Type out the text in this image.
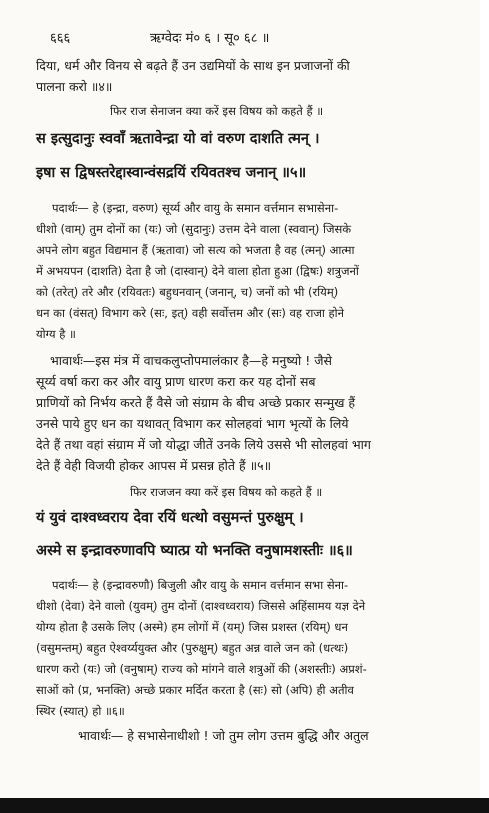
६६६	ऋग्वेदः मं० ६ । सू० ६८ ॥
दिया, धर्म और विनय से बढ़ते हैं उन उद्यमियों के साथ इन प्रजाजनों की
पालना करो ॥४॥
फिर राज सेनाजन क्या करें इस विषय को कहते हैं ॥
स इत्सुदानुः स्ववाँ ऋतावेन्द्रा यो वां वरुण दाशति त्मन् ।
इषा स द्विषस्तरेद्दास्वान्वंसद्रयिं रयिवतश्च जनान् ॥५॥
पदार्थः— हे (इन्द्रा, वरुण) सूर्य्य और वायु के समान वर्त्तमान सभासेना-
धीशो (वाम्) तुम दोनों का (यः) जो (सुदानुः) उत्तम देने वाला (स्ववान्) जिसके
अपने लोग बहुत विद्यमान हैं (ऋतावा) जो सत्य को भजता है वह (त्मन्) आत्मा
में अभयपन (दाशति) देता है जो (दास्वान्) देने वाला होता हुआ (द्विषः) शत्रुजनों
को (तरेत्) तरे और (रयिवतः) बहुधनवान् (जनान्, च) जनों को भी (रयिम्)
धन का (वंसत्) विभाग करे (सः, इत्) वही सर्वोत्तम और (सः) वह राजा होने
योग्य है ॥
भावार्थः—इस मंत्र में वाचकलुप्तोपमालंकार है—हे मनुष्यो ! जैसे
सूर्य्य वर्षा करा कर और वायु प्राण धारण करा कर यह दोनों सब
प्राणियों को निर्भय करते हैं वैसे जो संग्राम के बीच अच्छे प्रकार सन्मुख हैं
उनसे पाये हुए धन का यथावत् विभाग कर सोलहवां भाग भृत्यों के लिये
देते हैं तथा वहां संग्राम में जो योद्धा जीतें उनके लिये उससे भी सोलहवां भाग
देते हैं वेही विजयी होकर आपस में प्रसन्न होते हैं ॥५॥
फिर राजजन क्या करें इस विषय को कहते हैं ॥
यं युवं दाश्वध्वराय देवा रयिं धत्थो वसुमन्तं पुरुक्षुम् ।
अस्मे स इन्द्रावरुणावपि ष्यात्प्र यो भनक्ति वनुषामशस्तीः ॥६॥
पदार्थः— हे (इन्द्रावरुणौ) बिजुली और वायु के समान वर्त्तमान सभा सेना-
धीशो (देवा) देने वालो (युवम्) तुम दोनों (दाश्वध्वराय) जिससे अहिंसामय यज्ञ देने
योग्य होता है उसके लिए (अस्मे) हम लोगों में (यम्) जिस प्रशस्त (रयिम्) धन
(वसुमन्तम्) बहुत ऐश्वर्य्ययुक्त और (पुरुक्षुम्) बहुत अन्न वाले जन को (धत्थः)
धारण करो (यः) जो (वनुषाम्) राज्य को मांगने वाले शत्रुओं की (अशस्तीः) अप्रशं-
साओं को (प्र, भनक्ति) अच्छे प्रकार मर्दित करता है (सः) सो (अपि) ही अतीव
स्थिर (स्यात्) हो ॥६॥
भावार्थः— हे सभासेनाधीशो ! जो तुम लोग उत्तम बुद्धि और अतुल
